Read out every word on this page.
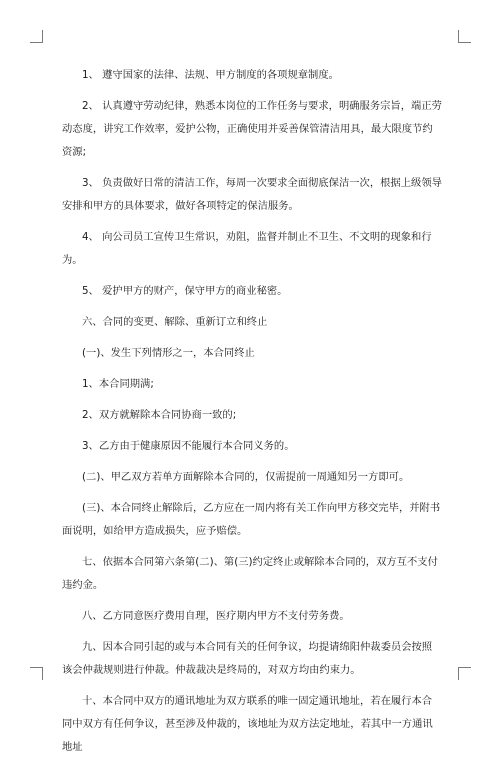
1、 遵守国家的法律、法规、甲方制度的各项规章制度。

2、 认真遵守劳动纪律，熟悉本岗位的工作任务与要求，明确服务宗旨，端正劳动态度，讲究工作效率，爱护公物，正确使用并妥善保管清洁用具，最大限度节约资源;

3、 负责做好日常的清洁工作，每周一次要求全面彻底保洁一次，根据上级领导安排和甲方的具体要求，做好各项特定的保洁服务。

4、 向公司员工宣传卫生常识，劝阻，监督并制止不卫生、不文明的现象和行为。

5、 爱护甲方的财产，保守甲方的商业秘密。

六、合同的变更、解除、重新订立和终止

(一)、发生下列情形之一，本合同终止

1、本合同期满;

2、双方就解除本合同协商一致的;

3、乙方由于健康原因不能履行本合同义务的。

(二)、甲乙双方若单方面解除本合同的，仅需提前一周通知另一方即可。

(三)、本合同终止解除后，乙方应在一周内将有关工作向甲方移交完毕，并附书面说明，如给甲方造成损失，应予赔偿。

七、依据本合同第六条第(二)、第(三)约定终止或解除本合同的，双方互不支付违约金。

八、乙方同意医疗费用自理，医疗期内甲方不支付劳务费。

九、因本合同引起的或与本合同有关的任何争议，均提请绵阳仲裁委员会按照该会仲裁规则进行仲裁。仲裁裁决是终局的，对双方均由约束力。

十、本合同中双方的通讯地址为双方联系的唯一固定通讯地址，若在履行本合同中双方有任何争议，甚至涉及仲裁的，该地址为双方法定地址，若其中一方通讯地址
